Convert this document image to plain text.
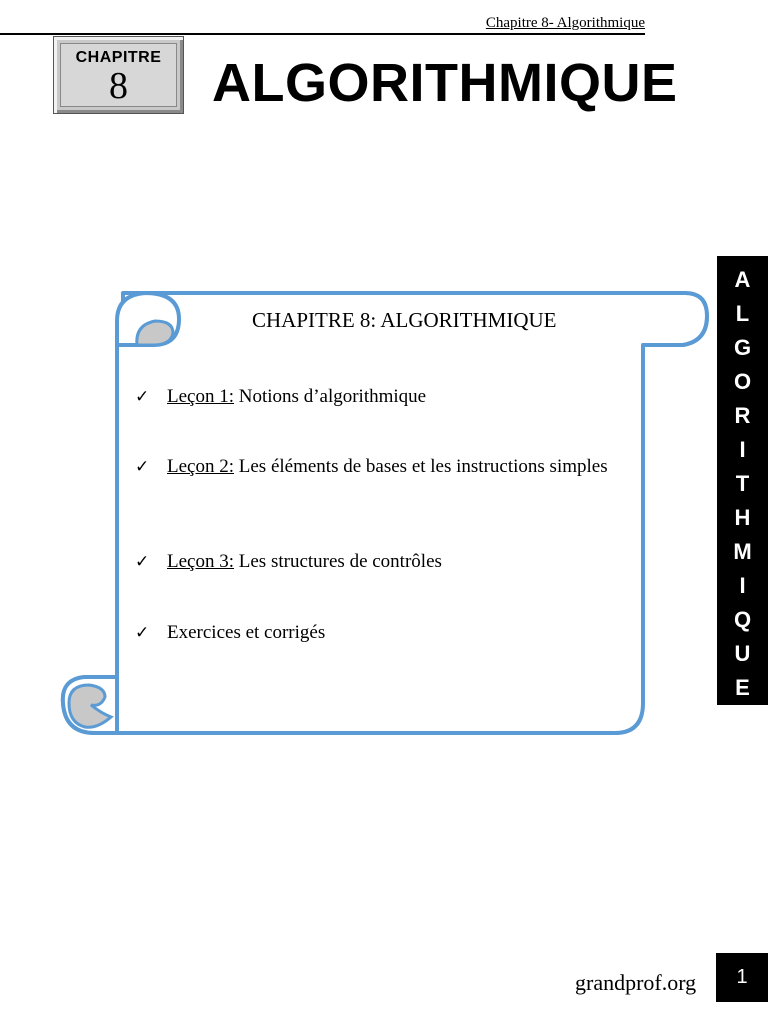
Chapitre 8- Algorithmique
CHAPITRE
8	ALGORITHMIQUE
CHAPITRE 8: ALGORITHMIQUE
✓ Leçon 1: Notions d’algorithmique
✓ Leçon 2: Les éléments de bases et les instructions simples
✓ Leçon 3: Les structures de contrôles
✓ Exercices et corrigés
A
L
G
O
R
I
T
H
M
I
Q
U
E
grandprof.org	1
